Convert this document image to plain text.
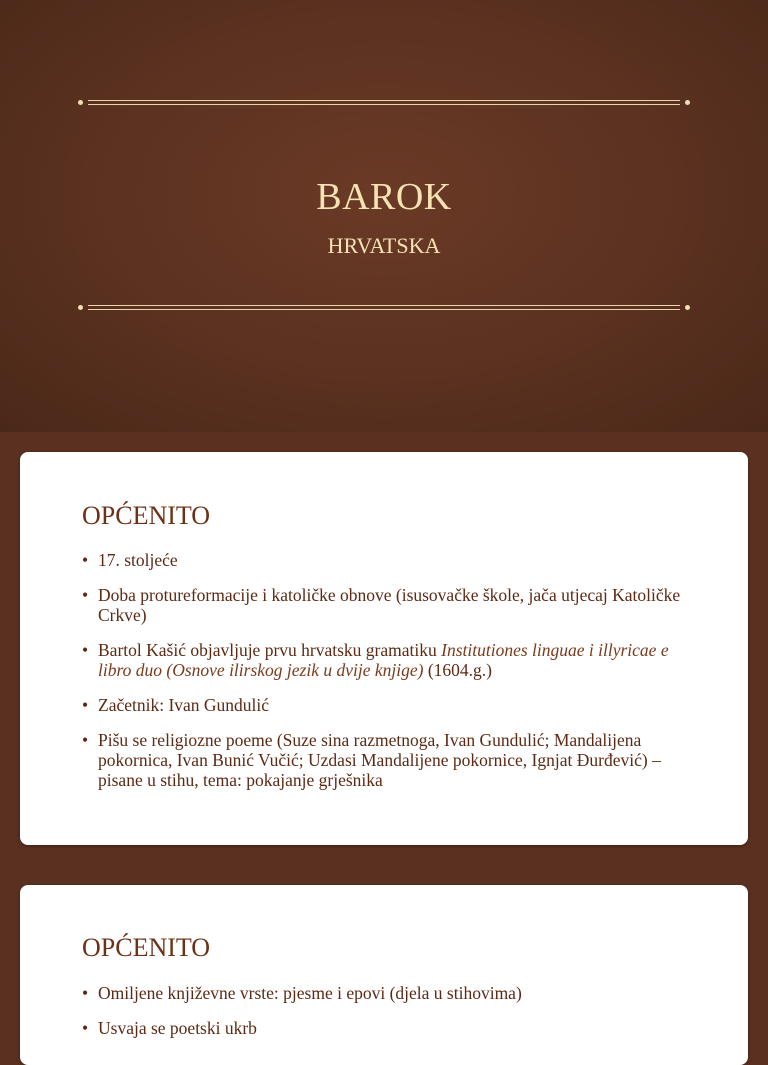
BAROK
HRVATSKA
OPĆENITO
• 17. stoljeće
• Doba protureformacije i katoličke obnove (isusovačke škole, jača utjecaj Katoličke Crkve)
• Bartol Kašić objavljuje prvu hrvatsku gramatiku Institutiones linguae i illyricae e libro duo (Osnove ilirskog jezik u dvije knjige) (1604.g.)
• Začetnik: Ivan Gundulić
• Pišu se religiozne poeme (Suze sina razmetnoga, Ivan Gundulić; Mandalijena pokornica, Ivan Bunić Vučić; Uzdasi Mandalijene pokornice, Ignjat Đurđević) – pisane u stihu, tema: pokajanje grješnika
OPĆENITO
• Omiljene književne vrste: pjesme i epovi (djela u stihovima)
• Usvaja se poetski ukrb
